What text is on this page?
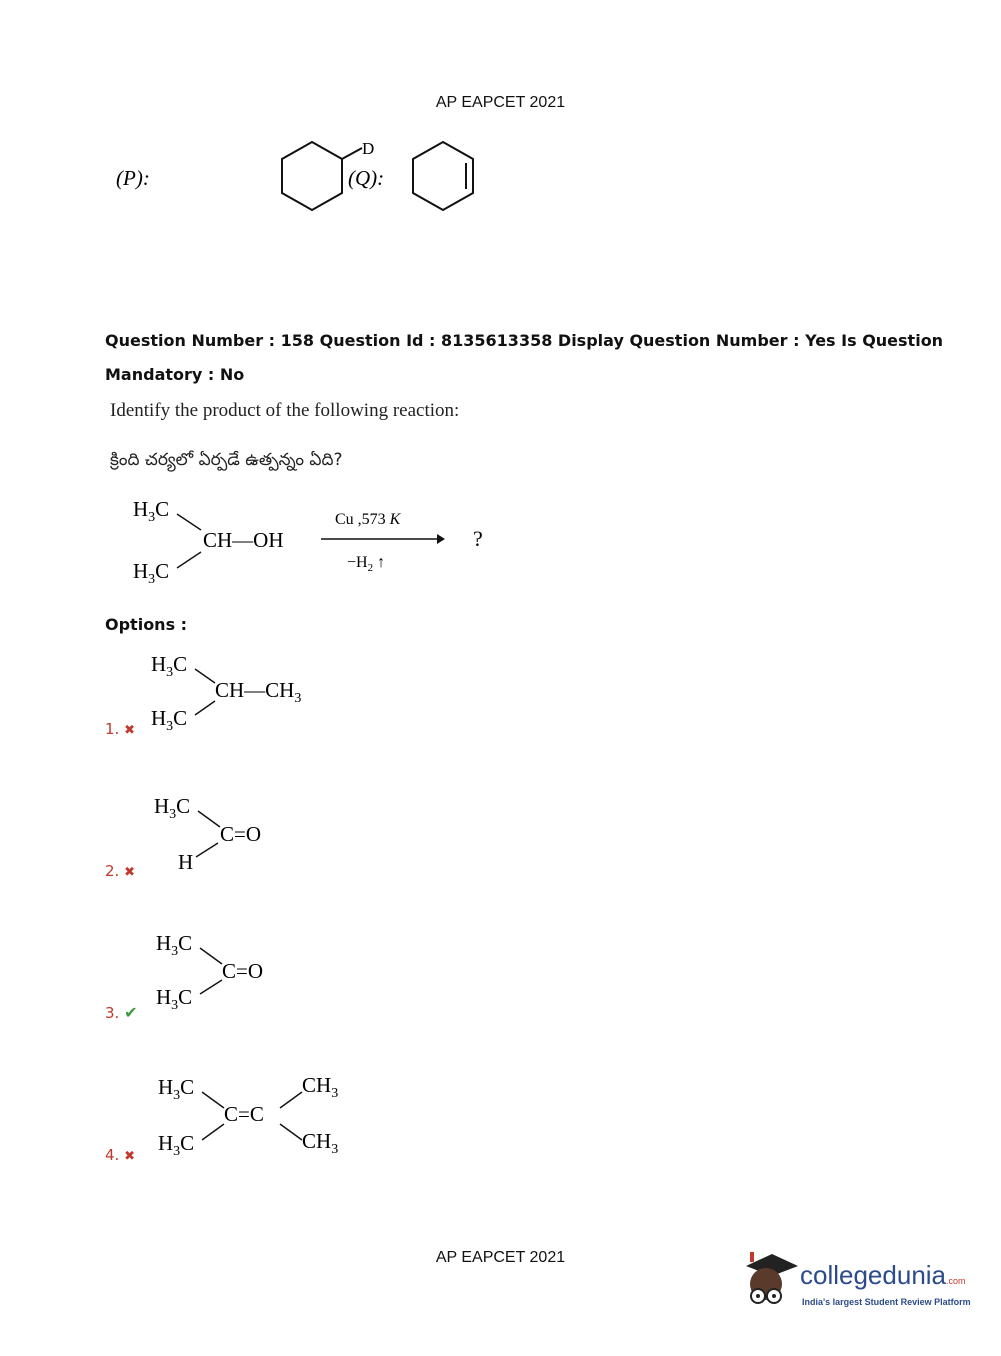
AP EAPCET 2021
(P):
D
(Q):
Question Number : 158 Question Id : 8135613358 Display Question Number : Yes Is Question
Mandatory : No
Identify the product of the following reaction:
క్రింది చర్యలో ఏర్పడే ఉత్పన్నం ఏది?
$H_3C$
$H_3C$
CH—OH
Cu ,573 K
$-H_2$ ↑
?
Options :
1. ✖
$H_3C$
$H_3C$
$CH—CH_3$
2. ✖
$H_3C$
H
C=O
3. ✔
$H_3C$
$H_3C$
C=O
4. ✖
$H_3C$
$H_3C$
C=C
$CH_3$
$CH_3$
AP EAPCET 2021
collegedunia.com
India's largest Student Review Platform
